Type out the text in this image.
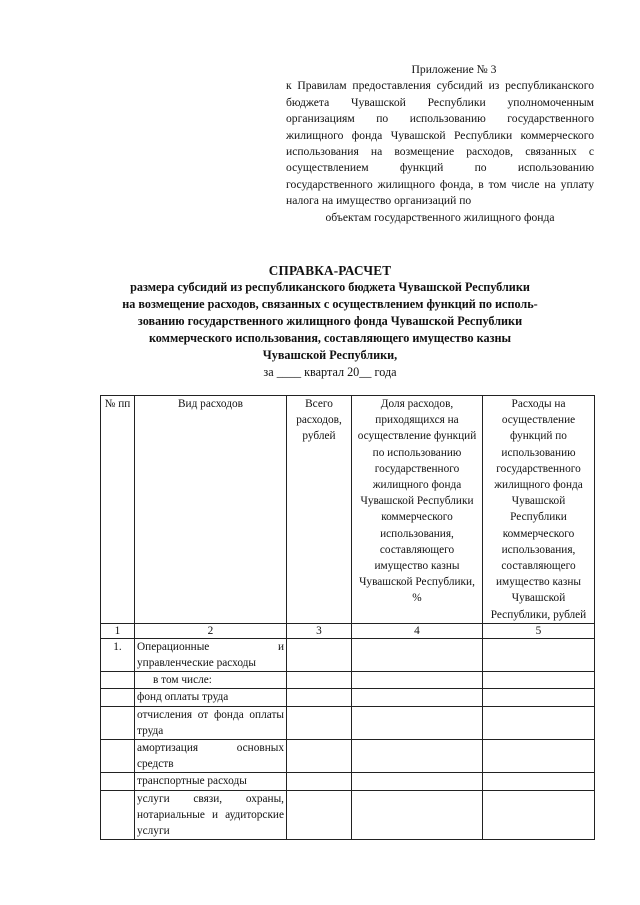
Приложение № 3
к Правилам предоставления субсидий из республиканского бюджета Чувашской Республики уполномоченным организациям по использованию государственного жилищного фонда Чувашской Республики коммерческого использования на возмещение расходов, связанных с осуществлением функций по использованию государственного жилищного фонда, в том числе на уплату налога на имущество организаций по
объектам государственного жилищного фонда
СПРАВКА-РАСЧЕТ
размера субсидий из республиканского бюджета Чувашской Республики
на возмещение расходов, связанных с осуществлением функций по исполь-
зованию государственного жилищного фонда Чувашской Республики
коммерческого использования, составляющего имущество казны
Чувашской Республики,
за ____ квартал 20__ года
№ пп	Вид расходов	Всего расходов, рублей	Доля расходов, приходящихся на осуществление функций по использованию государственного жилищного фонда Чувашской Республики коммерческого использования, составляющего имущество казны Чувашской Республики, %	Расходы на осуществление функций по использованию государственного жилищного фонда Чувашской Республики коммерческого использования, составляющего имущество казны Чувашской Республики, рублей
1	2	3	4	5
1.	Операционные и управленческие расходы			
	в том числе:			
	фонд оплаты труда			
	отчисления от фонда оплаты труда			
	амортизация основных средств			
	транспортные расходы			
	услуги связи, охраны, нотариальные и аудиторские услуги			
